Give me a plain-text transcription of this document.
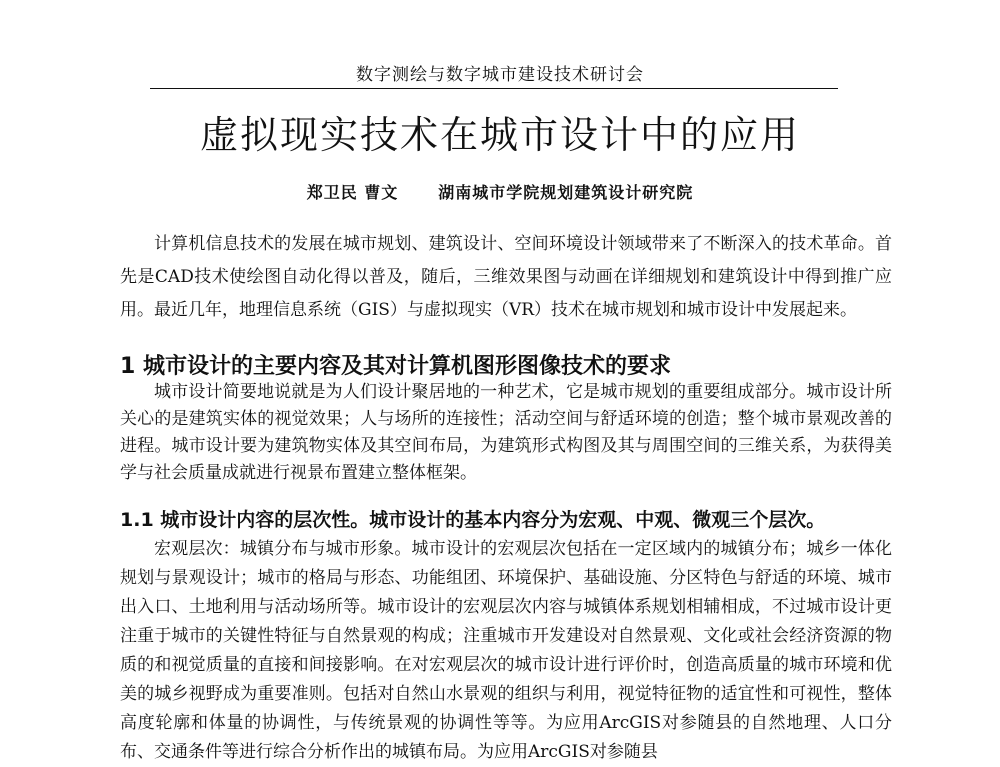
数字测绘与数字城市建设技术研讨会
虚拟现实技术在城市设计中的应用
郑卫民 曹文	湖南城市学院规划建筑设计研究院

计算机信息技术的发展在城市规划、建筑设计、空间环境设计领域带来了不断深入的技术革命。首先是CAD技术使绘图自动化得以普及，随后，三维效果图与动画在详细规划和建筑设计中得到推广应用。最近几年，地理信息系统（GIS）与虚拟现实（VR）技术在城市规划和城市设计中发展起来。

1 城市设计的主要内容及其对计算机图形图像技术的要求

城市设计简要地说就是为人们设计聚居地的一种艺术，它是城市规划的重要组成部分。城市设计所关心的是建筑实体的视觉效果；人与场所的连接性；活动空间与舒适环境的创造；整个城市景观改善的进程。城市设计要为建筑物实体及其空间布局，为建筑形式构图及其与周围空间的三维关系，为获得美学与社会质量成就进行视景布置建立整体框架。

1.1 城市设计内容的层次性。城市设计的基本内容分为宏观、中观、微观三个层次。

宏观层次：城镇分布与城市形象。城市设计的宏观层次包括在一定区域内的城镇分布；城乡一体化规划与景观设计；城市的格局与形态、功能组团、环境保护、基础设施、分区特色与舒适的环境、城市出入口、土地利用与活动场所等。城市设计的宏观层次内容与城镇体系规划相辅相成，不过城市设计更注重于城市的关键性特征与自然景观的构成；注重城市开发建设对自然景观、文化或社会经济资源的物质的和视觉质量的直接和间接影响。在对宏观层次的城市设计进行评价时，创造高质量的城市环境和优美的城乡视野成为重要准则。包括对自然山水景观的组织与利用，视觉特征物的适宜性和可视性，整体高度轮廓和体量的协调性，与传统景观的协调性等等。为应用ArcGIS对参随县的自然地理、人口分布、交通条件等进行综合分析作出的城镇布局。为应用ArcGIS对参随县
